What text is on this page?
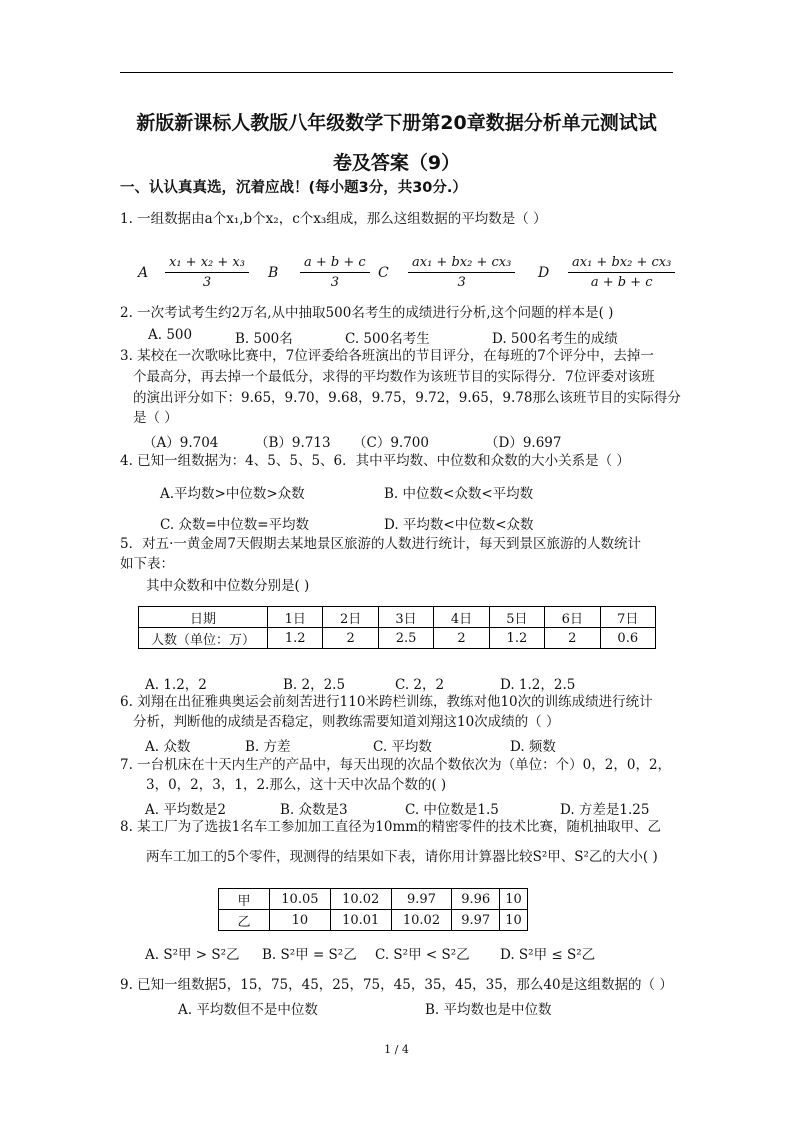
新版新课标人教版八年级数学下册第20章数据分析单元测试试
卷及答案（9）
一、认认真真选，沉着应战！(每小题3分，共30分.）
1. 一组数据由a个x₁,b个x₂，c个x₃组成，那么这组数据的平均数是（ ）
A $\frac{\text{x₁ + x₂ + x₃}}{3}$ B $\frac{a + b + c}{3}$ C $\frac{\text{ax₁ + bx₂ + cx₃}}{3}$ D $\frac{\text{ax₁ + bx₂ + cx₃}}{a + b + c}$
2. 一次考试考生约2万名,从中抽取500名考生的成绩进行分析,这个问题的样本是( )
A. 500	B. 500名	C. 500名考生	D. 500名考生的成绩
3. 某校在一次歌咏比赛中，7位评委给各班演出的节目评分，在每班的7个评分中，去掉一
个最高分，再去掉一个最低分，求得的平均数作为该班节目的实际得分．7位评委对该班
的演出评分如下：9.65，9.70，9.68，9.75，9.72，9.65，9.78那么该班节目的实际得分
是（ ）
（A）9.704	（B）9.713 （C）9.700	（D）9.697
4. 已知一组数据为：4、5、5、5、6．其中平均数、中位数和众数的大小关系是（ ）
A.平均数>中位数>众数	B. 中位数<众数<平均数
C. 众数=中位数=平均数	D. 平均数<中位数<众数
5．对五·一黄金周7天假期去某地景区旅游的人数进行统计，每天到景区旅游的人数统计
如下表：
其中众数和中位数分别是( )
日期	1日	2日	3日	4日	5日	6日	7日
人数（单位：万）	1.2	2	2.5	2	1.2	2	0.6
A. 1.2，2	B. 2，2.5	C. 2，2	D. 1.2，2.5
6. 刘翔在出征雅典奥运会前刻苦进行110米跨栏训练，教练对他10次的训练成绩进行统计
分析，判断他的成绩是否稳定，则教练需要知道刘翔这10次成绩的（ ）
A. 众数	B. 方差	C. 平均数	D. 频数
7. 一台机床在十天内生产的产品中，每天出现的次品个数依次为（单位：个）0，2，0，2，
3，0，2，3，1，2.那么，这十天中次品个数的( )
A. 平均数是2	B. 众数是3	C. 中位数是1.5	D. 方差是1.25
8. 某工厂为了选拔1名车工参加加工直径为10mm的精密零件的技术比赛，随机抽取甲、乙
两车工加工的5个零件，现测得的结果如下表，请你用计算器比较S²甲、S²乙的大小( )
甲	10.05	10.02	9.97	9.96	10
乙	10	10.01	10.02	9.97	10
A. S²甲 > S²乙 B. S²甲 = S²乙 C. S²甲 < S²乙 D. S²甲 ≤ S²乙
9. 已知一组数据5，15，75，45，25，75，45，35，45，35，那么40是这组数据的（ ）
A. 平均数但不是中位数	B. 平均数也是中位数
1 / 4
